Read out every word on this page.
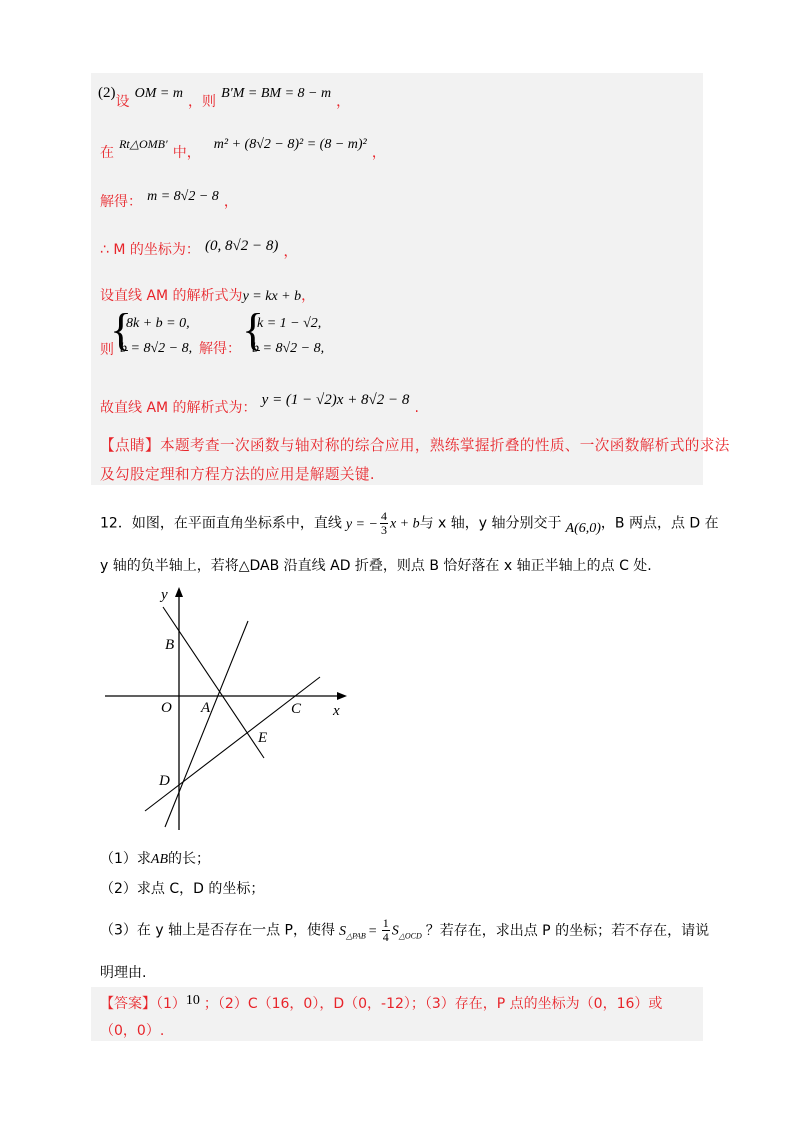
(2)设 OM = m ，则 B′M = BM = 8 − m ，
在 Rt△OMB′ 中， m² + (8√2 − 8)² = (8 − m)² ，
解得： m = 8√2 − 8 ，
∴ M 的坐标为： (0, 8√2 − 8) ，
设直线 AM 的解析式为y = kx + b，
则
{
8k + b = 0,
b = 8√2 − 8, 解得： {
k = 1 − √2,
b = 8√2 − 8,
故直线 AM 的解析式为： y = (1 − √2)x + 8√2 − 8 .
【点睛】本题考查一次函数与轴对称的综合应用，熟练掌握折叠的性质、一次函数解析式的求法
及勾股定理和方程方法的应用是解题关键.
12．如图，在平面直角坐标系中，直线 y = − $\frac{4}{3}$ x + b与 x 轴，y 轴分别交于 A(6,0)，B 两点，点 D 在
y 轴的负半轴上，若将△DAB 沿直线 AD 折叠，则点 B 恰好落在 x 轴正半轴上的点 C 处.
y
x
O A
B
C
D
E
（1）求AB的长；
（2）求点 C，D 的坐标；
（3）在 y 轴上是否存在一点 P，使得 $S_{\triangle PAB} = \frac{1}{4} S_{\triangle OCD}$ ？若存在，求出点 P 的坐标；若不存在，请说
明理由.
【答案】（1）10 ；（2）C（16，0），D（0，-12）；（3）存在，P 点的坐标为（0，16）或
（0，0）.
